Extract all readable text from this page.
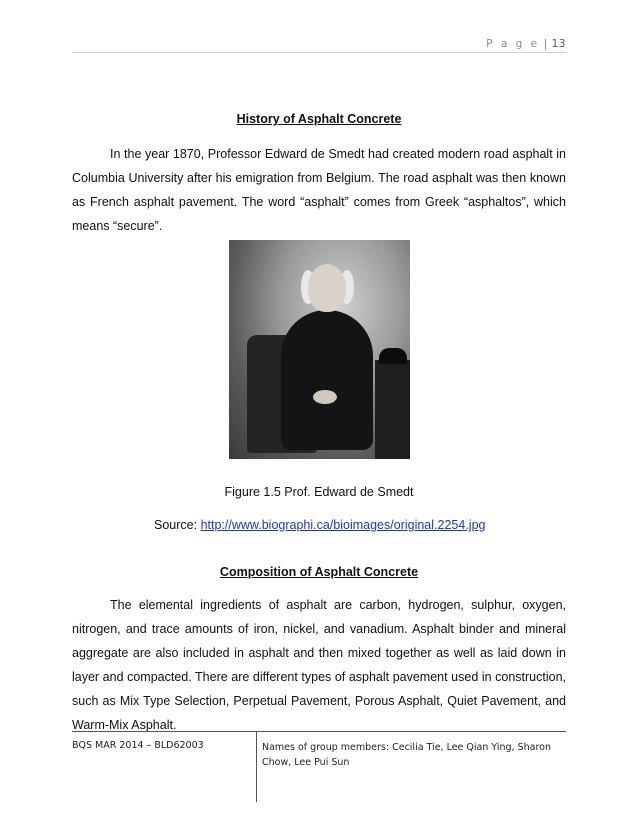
P a g e | 13
History of Asphalt Concrete

In the year 1870, Professor Edward de Smedt had created modern road asphalt in Columbia University after his emigration from Belgium. The road asphalt was then known as French asphalt pavement. The word “asphalt” comes from Greek “asphaltos”, which means “secure”.

Figure 1.5 Prof. Edward de Smedt
Source: http://www.biographi.ca/bioimages/original.2254.jpg
Composition of Asphalt Concrete

The elemental ingredients of asphalt are carbon, hydrogen, sulphur, oxygen, nitrogen, and trace amounts of iron, nickel, and vanadium. Asphalt binder and mineral aggregate are also included in asphalt and then mixed together as well as laid down in layer and compacted. There are different types of asphalt pavement used in construction, such as Mix Type Selection, Perpetual Pavement, Porous Asphalt, Quiet Pavement, and Warm-Mix Asphalt.

BQS MAR 2014 – BLD62003	Names of group members: Cecilia Tie, Lee Qian Ying, Sharon Chow, Lee Pui Sun
